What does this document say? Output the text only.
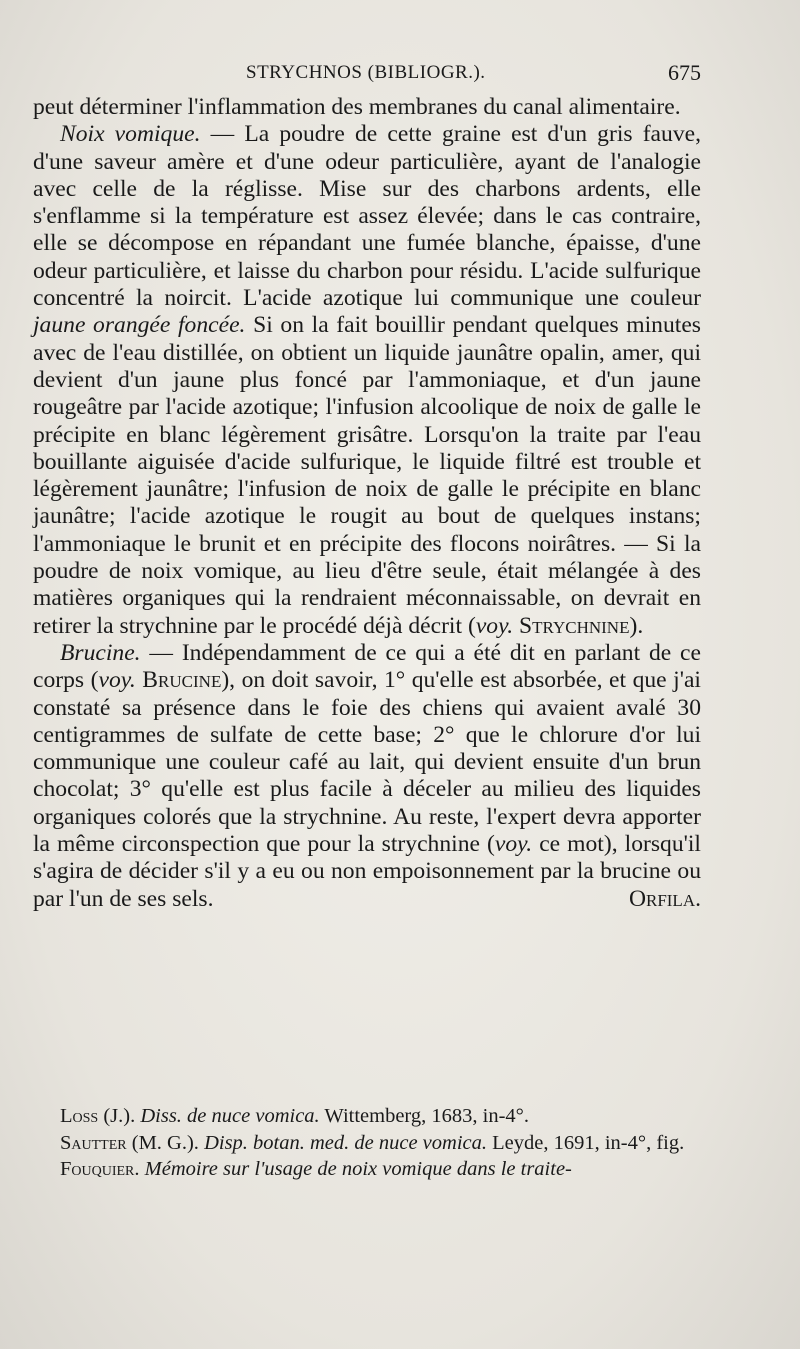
STRYCHNOS (BIBLIOGR.).	675

peut déterminer l'inflammation des membranes du canal alimentaire.

Noix vomique. — La poudre de cette graine est d'un gris fauve, d'une saveur amère et d'une odeur particulière, ayant de l'analogie avec celle de la réglisse. Mise sur des charbons ardents, elle s'enflamme si la température est assez élevée; dans le cas contraire, elle se décompose en répandant une fumée blanche, épaisse, d'une odeur particulière, et laisse du charbon pour résidu. L'acide sulfurique concentré la noircit. L'acide azotique lui communique une couleur jaune orangée foncée. Si on la fait bouillir pendant quelques minutes avec de l'eau distillée, on obtient un liquide jaunâtre opalin, amer, qui devient d'un jaune plus foncé par l'ammoniaque, et d'un jaune rougeâtre par l'acide azotique; l'infusion alcoolique de noix de galle le précipite en blanc légèrement grisâtre. Lorsqu'on la traite par l'eau bouillante aiguisée d'acide sulfurique, le liquide filtré est trouble et légèrement jaunâtre; l'infusion de noix de galle le précipite en blanc jaunâtre; l'acide azotique le rougit au bout de quelques instans; l'ammoniaque le brunit et en précipite des flocons noirâtres. — Si la poudre de noix vomique, au lieu d'être seule, était mélangée à des matières organiques qui la rendraient méconnaissable, on devrait en retirer la strychnine par le procédé déjà décrit (voy. Strychnine).

Brucine. — Indépendamment de ce qui a été dit en parlant de ce corps (voy. Brucine), on doit savoir, 1° qu'elle est absorbée, et que j'ai constaté sa présence dans le foie des chiens qui avaient avalé 30 centigrammes de sulfate de cette base; 2° que le chlorure d'or lui communique une couleur café au lait, qui devient ensuite d'un brun chocolat; 3° qu'elle est plus facile à déceler au milieu des liquides organiques colorés que la strychnine. Au reste, l'expert devra apporter la même circonspection que pour la strychnine (voy. ce mot), lorsqu'il s'agira de décider s'il y a eu ou non empoisonnement par la brucine ou par l'un de ses sels.	Orfila.

Loss (J.). Diss. de nuce vomica. Wittemberg, 1683, in-4°.

Sautter (M. G.). Disp. botan. med. de nuce vomica. Leyde, 1691, in-4°, fig.

Fouquier. Mémoire sur l'usage de noix vomique dans le traite-
